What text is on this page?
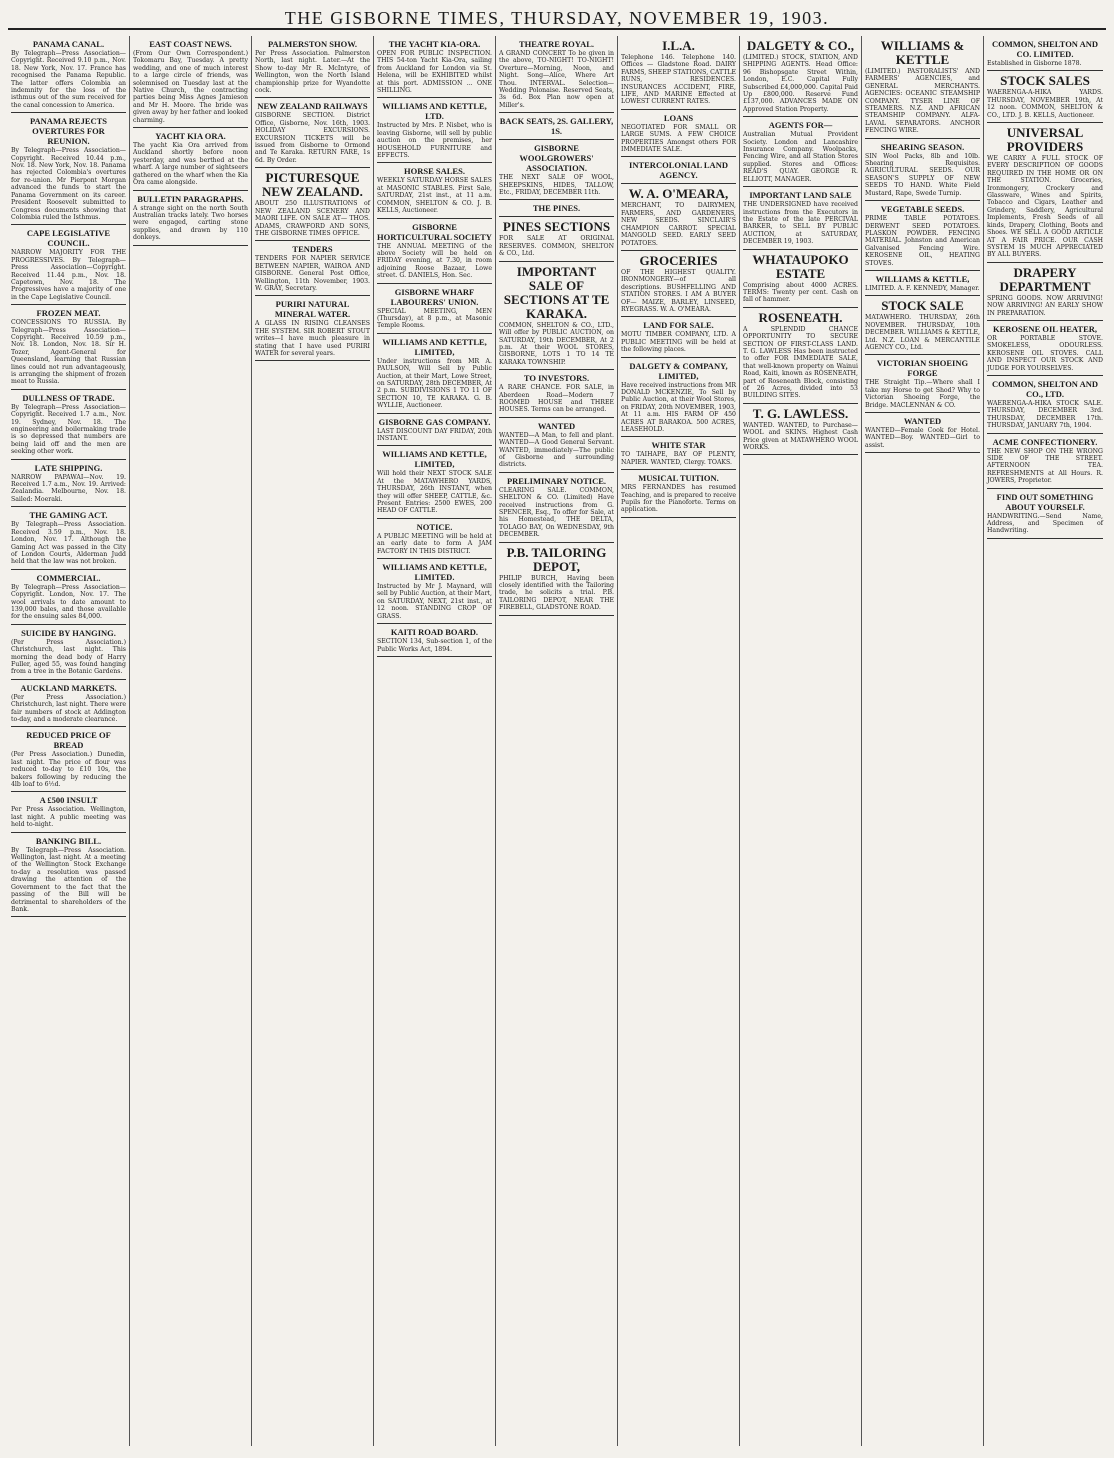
THE GISBORNE TIMES, THURSDAY, NOVEMBER 19, 1903.
PANAMA CANAL.
By Telegraph—Press Association—Copyright. Received 9.10 p.m., Nov. 18. New York, Nov. 17. France has recognised the Panama Republic. The latter offers Colombia an indemnity for the loss of the isthmus out of the sum received for the canal concession to America.
PANAMA REJECTS OVERTURES FOR REUNION.
By Telegraph—Press Association—Copyright. Received 10.44 p.m., Nov. 18. New York, Nov. 18. Panama has rejected Colombia's overtures for re-union. Mr Pierpont Morgan advanced the funds to start the Panama Government on its career. President Roosevelt submitted to Congress documents showing that Colombia ruled the Isthmus.
CAPE LEGISLATIVE COUNCIL.
NARROW MAJORITY FOR THE PROGRESSIVES. By Telegraph—Press Association—Copyright. Received 11.44 p.m., Nov. 18. Capetown, Nov. 18. The Progressives have a majority of one in the Cape Legislative Council.
FROZEN MEAT.
CONCESSIONS TO RUSSIA. By Telegraph—Press Association—Copyright. Received 10.59 p.m., Nov. 18. London, Nov. 18. Sir H. Tozer, Agent-General for Queensland, learning that Russian lines could not run advantageously, is arranging the shipment of frozen meat to Russia.
DULLNESS OF TRADE.
By Telegraph—Press Association—Copyright. Received 1.7 a.m., Nov. 19. Sydney, Nov. 18. The engineering and boilermaking trade is so depressed that numbers are being laid off and the men are seeking other work.
LATE SHIPPING.
NARROW PAPAWAI—Nov. 19. Received 1.7 a.m., Nov. 19. Arrived: Zealandia. Melbourne, Nov. 18. Sailed: Moeraki.
THE GAMING ACT.
By Telegraph—Press Association. Received 3.59 p.m., Nov. 18. London, Nov. 17. Although the Gaming Act was passed in the City of London Courts, Alderman Judd held that the law was not broken.
COMMERCIAL.
By Telegraph—Press Association—Copyright. London, Nov. 17. The wool arrivals to date amount to 139,000 bales, and those available for the ensuing sales 84,000.
SUICIDE BY HANGING.
(Per Press Association.) Christchurch, last night. This morning the dead body of Harry Fuller, aged 55, was found hanging from a tree in the Botanic Gardens.
AUCKLAND MARKETS.
(Per Press Association.) Christchurch, last night. There were fair numbers of stock at Addington to-day, and a moderate clearance.
REDUCED PRICE OF BREAD
(Per Press Association.) Dunedin, last night. The price of flour was reduced to-day to £10 10s, the bakers following by reducing the 4lb loaf to 6½d.
A £500 INSULT
Per Press Association. Wellington, last night. A public meeting was held to-night.
BANKING BILL.
By Telegraph—Press Association. Wellington, last night. At a meeting of the Wellington Stock Exchange to-day a resolution was passed drawing the attention of the Government to the fact that the passing of the Bill will be detrimental to shareholders of the Bank.
EAST COAST NEWS.
(From Our Own Correspondent.) Tokomaru Bay, Tuesday. A pretty wedding, and one of much interest to a large circle of friends, was solemnised on Tuesday last at the Native Church, the contracting parties being Miss Agnes Jamieson and Mr H. Moore. The bride was given away by her father and looked charming.
YACHT KIA ORA.
The yacht Kia Ora arrived from Auckland shortly before noon yesterday, and was berthed at the wharf. A large number of sightseers gathered on the wharf when the Kia Ora came alongside.
BULLETIN PARAGRAPHS.
A strange sight on the north South Australian tracks lately. Two horses were engaged, carting stone supplies, and drawn by 110 donkeys.
PALMERSTON SHOW.
Per Press Association. Palmerston North, last night. Later.—At the Show to-day Mr R. McIntyre, of Wellington, won the North Island championship prize for Wyandotte cock.
NEW ZEALAND RAILWAYS
GISBORNE SECTION. District Office, Gisborne, Nov. 16th, 1903. HOLIDAY EXCURSIONS. EXCURSION TICKETS will be issued from Gisborne to Ormond and Te Karaka. RETURN FARE, 1s 6d. By Order.
PICTURESQUE NEW ZEALAND.
ABOUT 250 ILLUSTRATIONS of NEW ZEALAND SCENERY AND MAORI LIFE. ON SALE AT— THOS. ADAMS, CRAWFORD AND SONS, THE GISBORNE TIMES OFFICE.
TENDERS
TENDERS FOR NAPIER SERVICE BETWEEN NAPIER, WAIROA AND GISBORNE. General Post Office, Wellington, 11th November, 1903. W. GRAY, Secretary.
PURIRI NATURAL MINERAL WATER.
A GLASS IN RISING CLEANSES THE SYSTEM. SIR ROBERT STOUT writes—I have much pleasure in stating that I have used PURIRI WATER for several years.
THE YACHT KIA-ORA.
OPEN FOR PUBLIC INSPECTION. THIS 54-ton Yacht Kia-Ora, sailing from Auckland for London via St. Helena, will be EXHIBITED whilst at this port. ADMISSION ... ONE SHILLING.
WILLIAMS AND KETTLE, LTD.
Instructed by Mrs. P. Nisbet, who is leaving Gisborne, will sell by public auction on the premises, her HOUSEHOLD FURNITURE and EFFECTS.
HORSE SALES.
WEEKLY SATURDAY HORSE SALES at MASONIC STABLES. First Sale, SATURDAY, 21st inst., at 11 a.m. COMMON, SHELTON & CO. J. B. KELLS, Auctioneer.
GISBORNE HORTICULTURAL SOCIETY
THE ANNUAL MEETING of the above Society will be held on FRIDAY evening, at 7.30, in room adjoining Roose Bazaar, Lowe street. G. DANIELS, Hon. Sec.
GISBORNE WHARF LABOURERS' UNION.
SPECIAL MEETING, MEN (Thursday), at 8 p.m., at Masonic Temple Rooms.
WILLIAMS AND KETTLE, LIMITED,
Under instructions from MR A. PAULSON, Will Sell by Public Auction, at their Mart, Lowe Street, on SATURDAY, 28th DECEMBER, At 2 p.m. SUBDIVISIONS 1 TO 11 OF SECTION 10, TE KARAKA. G. B. WYLLIE, Auctioneer.
GISBORNE GAS COMPANY.
LAST DISCOUNT DAY FRIDAY, 20th INSTANT.
WILLIAMS AND KETTLE, LIMITED,
Will hold their NEXT STOCK SALE At the MATAWHERO YARDS, THURSDAY, 26th INSTANT, when they will offer SHEEP, CATTLE, &c. Present Entries: 2500 EWES, 200 HEAD OF CATTLE.
NOTICE.
A PUBLIC MEETING will be held at an early date to form A JAM FACTORY IN THIS DISTRICT.
WILLIAMS AND KETTLE, LIMITED.
Instructed by Mr J. Maynard, will sell by Public Auction, at their Mart, on SATURDAY, NEXT, 21st inst., at 12 noon. STANDING CROP OF GRASS.
KAITI ROAD BOARD.
SECTION 134, Sub-section 1, of the Public Works Act, 1894.
THEATRE ROYAL.
A GRAND CONCERT To be given in the above, TO-NIGHT! TO-NIGHT! Overture—Morning, Noon, and Night. Song—Alice, Where Art Thou. INTERVAL. Selection—Wedding Polonaise. Reserved Seats, 3s 6d. Box Plan now open at Miller's.
BACK SEATS, 2S. GALLERY, 1S.
GISBORNE WOOLGROWERS' ASSOCIATION.
THE NEXT SALE OF WOOL, SHEEPSKINS, HIDES, TALLOW, Etc., FRIDAY, DECEMBER 11th.
THE PINES.
PINES SECTIONS
FOR SALE AT ORIGINAL RESERVES. COMMON, SHELTON & CO., Ltd.
IMPORTANT SALE OF SECTIONS AT TE KARAKA.
COMMON, SHELTON & CO., LTD., Will offer by PUBLIC AUCTION, on SATURDAY, 19th DECEMBER, At 2 p.m. At their WOOL STORES, GISBORNE, LOTS 1 TO 14 TE KARAKA TOWNSHIP.
TO INVESTORS.
A RARE CHANCE. FOR SALE, in Aberdeen Road—Modern 7 ROOMED HOUSE and THREE HOUSES. Terms can be arranged.
WANTED
WANTED—A Man, to fell and plant. WANTED—A Good General Servant. WANTED, immediately—The public of Gisborne and surrounding districts.
PRELIMINARY NOTICE.
CLEARING SALE. COMMON, SHELTON & CO. (Limited) Have received instructions from G. SPENCER, Esq., To offer for Sale, at his Homestead, THE DELTA, TOLAGO BAY, On WEDNESDAY, 9th DECEMBER.
P.B. TAILORING DEPOT,
PHILIP BURCH, Having been closely identified with the Tailoring trade, he solicits a trial. P.B. TAILORING DEPOT, NEAR THE FIREBELL, GLADSTONE ROAD.
I.L.A.
Telephone 146. Telephone 140. Offices — Gladstone Road. DAIRY FARMS, SHEEP STATIONS, CATTLE RUNS, RESIDENCES. INSURANCES ACCIDENT, FIRE, LIFE, AND MARINE Effected at LOWEST CURRENT RATES.
LOANS
NEGOTIATED FOR SMALL OR LARGE SUMS. A FEW CHOICE PROPERTIES Amongst others FOR IMMEDIATE SALE.
INTERCOLONIAL LAND AGENCY.
W. A. O'MEARA,
MERCHANT, TO DAIRYMEN, FARMERS, AND GARDENERS, NEW SEEDS. SINCLAIR'S CHAMPION CARROT. SPECIAL MANGOLD SEED. EARLY SEED POTATOES.
GROCERIES
OF THE HIGHEST QUALITY. IRONMONGERY—of all descriptions. BUSHFELLING AND STATION STORES. I AM A BUYER OF— MAIZE, BARLEY, LINSEED, RYEGRASS. W. A. O'MEARA.
LAND FOR SALE.
MOTU TIMBER COMPANY, LTD. A PUBLIC MEETING will be held at the following places.
DALGETY & COMPANY, LIMITED,
Have received instructions from MR DONALD MCKENZIE, To Sell by Public Auction, at their Wool Stores, on FRIDAY, 20th NOVEMBER, 1903, At 11 a.m. HIS FARM OF 450 ACRES AT BARAKOA. 500 ACRES, LEASEHOLD.
WHITE STAR
TO TAIHAPE, BAY OF PLENTY, NAPIER. WANTED, Clergy. TOAKS.
MUSICAL TUITION.
MRS FERNANDES has resumed Teaching, and is prepared to receive Pupils for the Pianoforte. Terms on application.
DALGETY & CO.,
(LIMITED.) STOCK, STATION, AND SHIPPING AGENTS. Head Office: 96 Bishopsgate Street Within, London, E.C. Capital Fully Subscribed £4,000,000. Capital Paid Up £800,000. Reserve Fund £137,000. ADVANCES MADE ON Approved Station Property.
AGENTS FOR—
Australian Mutual Provident Society. London and Lancashire Insurance Company. Woolpacks, Fencing Wire, and all Station Stores supplied. Stores and Offices: READ'S QUAY. GEORGE R. ELLIOTT, MANAGER.
IMPORTANT LAND SALE
THE UNDERSIGNED have received instructions from the Executors in the Estate of the late PERCIVAL BARKER, to SELL BY PUBLIC AUCTION, at SATURDAY, DECEMBER 19, 1903.
WHATAUPOKO ESTATE
Comprising about 4000 ACRES. TERMS: Twenty per cent. Cash on fall of hammer.
ROSENEATH.
A SPLENDID CHANCE OPPORTUNITY TO SECURE SECTION OF FIRST-CLASS LAND. T. G. LAWLESS Has been instructed to offer FOR IMMEDIATE SALE, that well-known property on Wainui Road, Kaiti, known as ROSENEATH, part of Roseneath Block, consisting of 26 Acres, divided into 53 BUILDING SITES.
T. G. LAWLESS.
WANTED. WANTED, to Purchase—WOOL and SKINS. Highest Cash Price given at MATAWHERO WOOL WORKS.
WILLIAMS & KETTLE
(LIMITED.) PASTORALISTS' AND FARMERS' AGENCIES, and GENERAL MERCHANTS. AGENCIES: OCEANIC STEAMSHIP COMPANY. TYSER LINE OF STEAMERS. N.Z. AND AFRICAN STEAMSHIP COMPANY. ALFA-LAVAL SEPARATORS. ANCHOR FENCING WIRE.
SHEARING SEASON.
SIN Wool Packs, 8lb and 10lb. Shearing Requisites. AGRICULTURAL SEEDS. OUR SEASON'S SUPPLY OF NEW SEEDS TO HAND. White Field Mustard, Rape, Swede Turnip.
VEGETABLE SEEDS.
PRIME TABLE POTATOES. DERWENT SEED POTATOES. PLASKON POWDER. FENCING MATERIAL. Johnston and American Galvanised Fencing Wire. KEROSENE OIL, HEATING STOVES.
WILLIAMS & KETTLE,
LIMITED. A. F. KENNEDY, Manager.
STOCK SALE
MATAWHERO. THURSDAY, 26th NOVEMBER. THURSDAY, 10th DECEMBER. WILLIAMS & KETTLE, Ltd. N.Z. LOAN & MERCANTILE AGENCY CO., Ltd.
VICTORIAN SHOEING FORGE
THE Straight Tip.—Where shall I take my Horse to get Shod? Why to Victorian Shoeing Forge, the Bridge. MACLENNAN & CO.
WANTED
WANTED—Female Cook for Hotel. WANTED—Boy. WANTED—Girl to assist.
COMMON, SHELTON AND CO. LIMITED.
Established in Gisborne 1878.
STOCK SALES
WAERENGA-A-HIKA YARDS. THURSDAY, NOVEMBER 19th, At 12 noon. COMMON, SHELTON & CO., LTD. J. B. KELLS, Auctioneer.
UNIVERSAL PROVIDERS
WE CARRY A FULL STOCK OF EVERY DESCRIPTION OF GOODS REQUIRED IN THE HOME OR ON THE STATION. Groceries, Ironmongery, Crockery and Glassware, Wines and Spirits, Tobacco and Cigars, Leather and Grindery, Saddlery, Agricultural Implements, Fresh Seeds of all kinds, Drapery, Clothing, Boots and Shoes. WE SELL A GOOD ARTICLE AT A FAIR PRICE. OUR CASH SYSTEM IS MUCH APPRECIATED BY ALL BUYERS.
DRAPERY DEPARTMENT
SPRING GOODS. NOW ARRIVING! NOW ARRIVING! AN EARLY SHOW IN PREPARATION.
KEROSENE OIL HEATER,
OR PORTABLE STOVE. SMOKELESS, ODOURLESS. KEROSENE OIL STOVES. CALL AND INSPECT OUR STOCK AND JUDGE FOR YOURSELVES.
COMMON, SHELTON AND CO., LTD.
WAERENGA-A-HIKA STOCK SALE. THURSDAY, DECEMBER 3rd. THURSDAY, DECEMBER 17th. THURSDAY, JANUARY 7th, 1904.
ACME CONFECTIONERY.
THE NEW SHOP ON THE WRONG SIDE OF THE STREET. AFTERNOON TEA. REFRESHMENTS at All Hours. R. JOWERS, Proprietor.
FIND OUT SOMETHING ABOUT YOURSELF.
HANDWRITING.—Send Name, Address, and Specimen of Handwriting.
